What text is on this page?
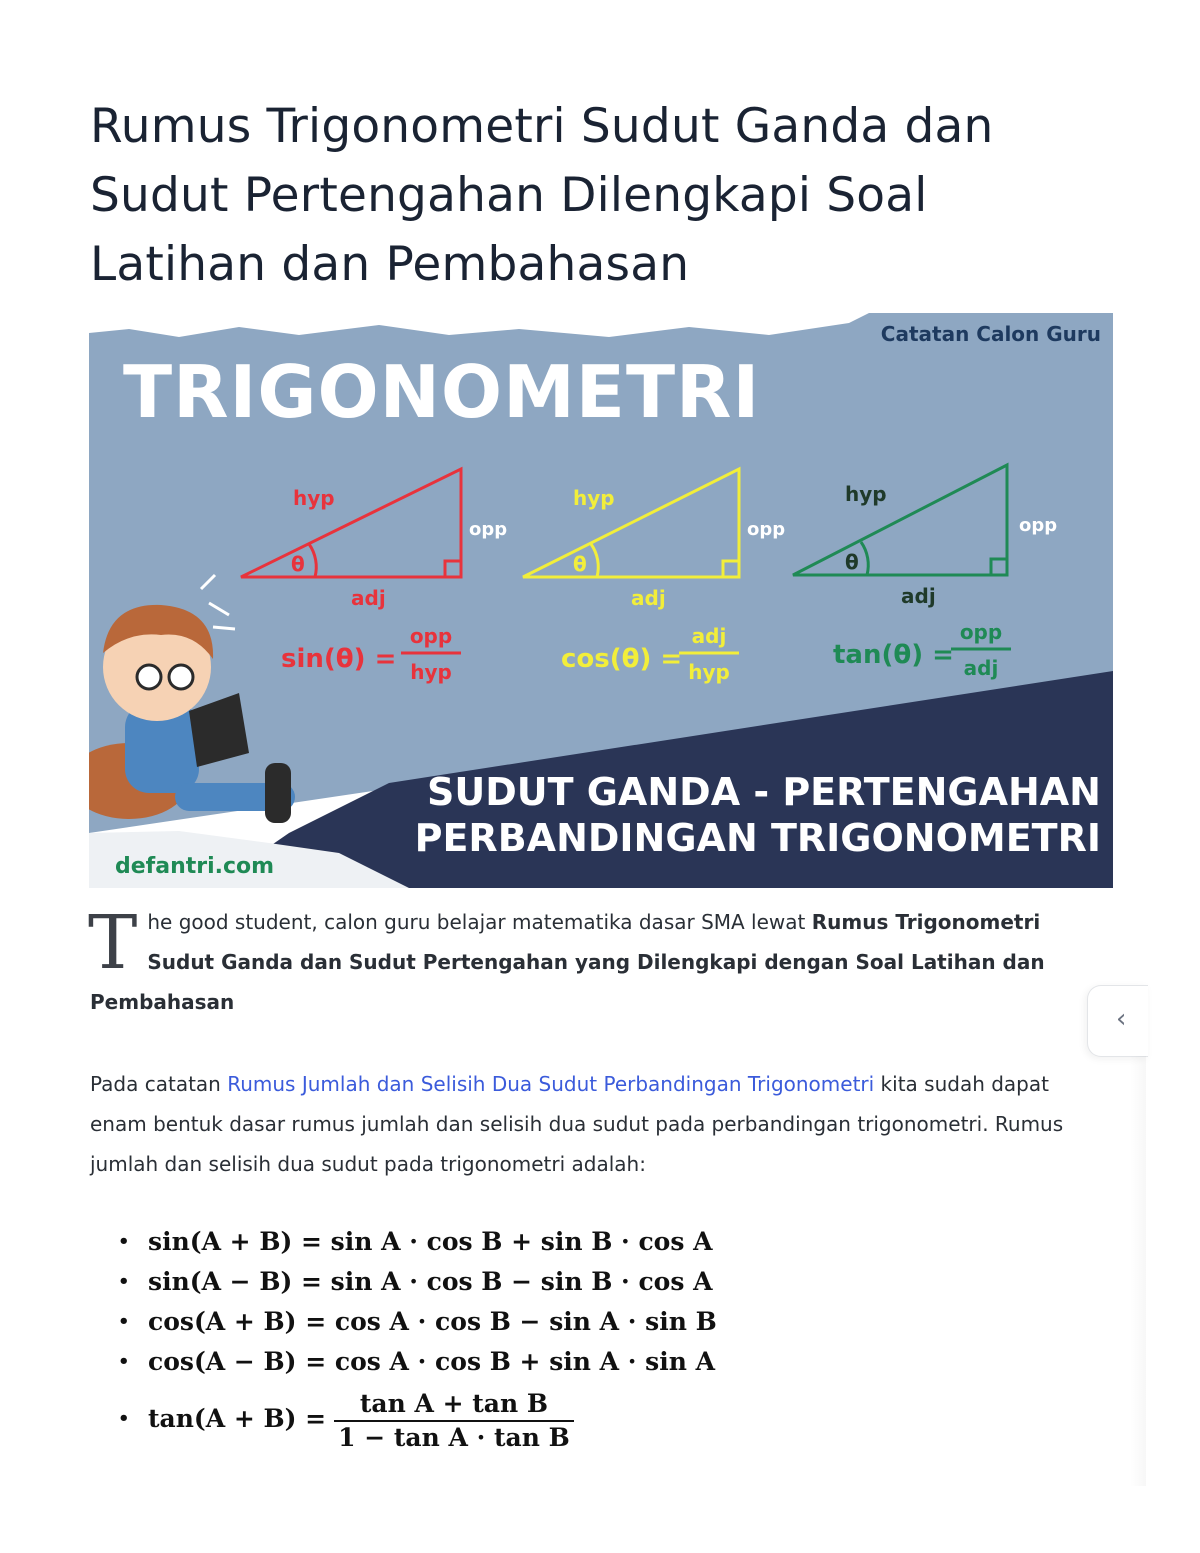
Rumus Trigonometri Sudut Ganda dan Sudut Pertengahan Dilengkapi Soal Latihan dan Pembahasan
Catatan Calon Guru
TRIGONOMETRI
hyp
opp
adj
θ
hyp
opp
adj
θ
hyp
opp
adj
θ
sin(θ) =
opp
hyp	cos(θ) =
adj
hyp
tan(θ) =
opp
adj
SUDUT GANDA - PERTENGAHAN
PERBANDINGAN TRIGONOMETRI
defantri.com

The good student, calon guru belajar matematika dasar SMA lewat Rumus Trigonometri Sudut Ganda dan Sudut Pertengahan yang Dilengkapi dengan Soal Latihan dan Pembahasan

Pada catatan Rumus Jumlah dan Selisih Dua Sudut Perbandingan Trigonometri kita sudah dapat enam bentuk dasar rumus jumlah dan selisih dua sudut pada perbandingan trigonometri. Rumus jumlah dan selisih dua sudut pada trigonometri adalah:

• sin(A + B) = sin A · cos B + sin B · cos A
• sin(A − B) = sin A · cos B − sin B · cos A
• cos(A + B) = cos A · cos B − sin A · sin B
• cos(A − B) = cos A · cos B + sin A · sin A
• $\tan(A + B) = \frac{\text{tan A + tan B}}{\text{1 − tan A · tan B}}$
‹
